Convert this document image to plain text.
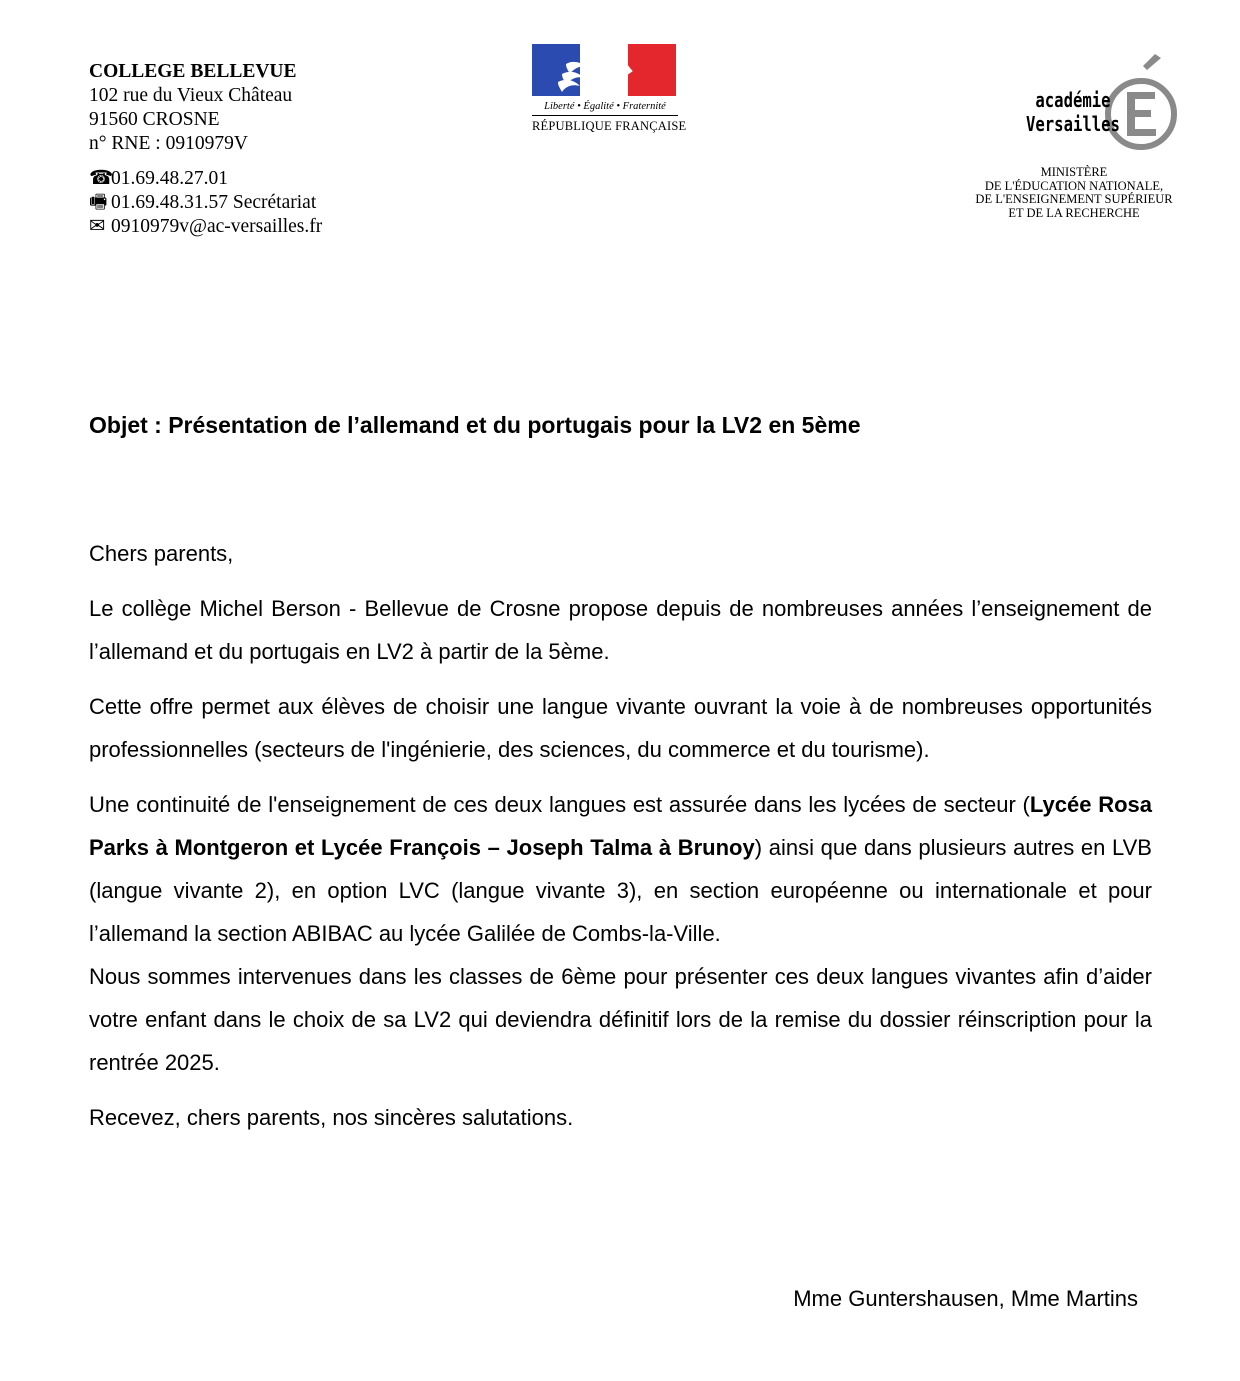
COLLEGE BELLEVUE
102 rue du Vieux Château
91560 CROSNE
n° RNE : 0910979V
☎01.69.48.27.01
🖷 01.69.48.31.57 Secrétariat
✉ 0910979v@ac-versailles.fr
Liberté • Égalité • Fraternité
RÉPUBLIQUE FRANÇAISE
académie
Versailles
MINISTÈRE
DE L'ÉDUCATION NATIONALE,
DE L'ENSEIGNEMENT SUPÉRIEUR
ET DE LA RECHERCHE
Objet : Présentation de l’allemand et du portugais pour la LV2 en 5ème

Chers parents,

Le collège Michel Berson - Bellevue de Crosne propose depuis de nombreuses années l’enseignement de l’allemand et du portugais en LV2 à partir de la 5ème.

Cette offre permet aux élèves de choisir une langue vivante ouvrant la voie à de nombreuses opportunités professionnelles (secteurs de l'ingénierie, des sciences, du commerce et du tourisme).

Une continuité de l'enseignement de ces deux langues est assurée dans les lycées de secteur (Lycée Rosa Parks à Montgeron et Lycée François – Joseph Talma à Brunoy) ainsi que dans plusieurs autres en LVB (langue vivante 2), en option LVC (langue vivante 3), en section européenne ou internationale et pour l’allemand la section ABIBAC au lycée Galilée de Combs-la-Ville.

Nous sommes intervenues dans les classes de 6ème pour présenter ces deux langues vivantes afin d’aider votre enfant dans le choix de sa LV2 qui deviendra définitif lors de la remise du dossier réinscription pour la rentrée 2025.

Recevez, chers parents, nos sincères salutations.

Mme Guntershausen, Mme Martins
